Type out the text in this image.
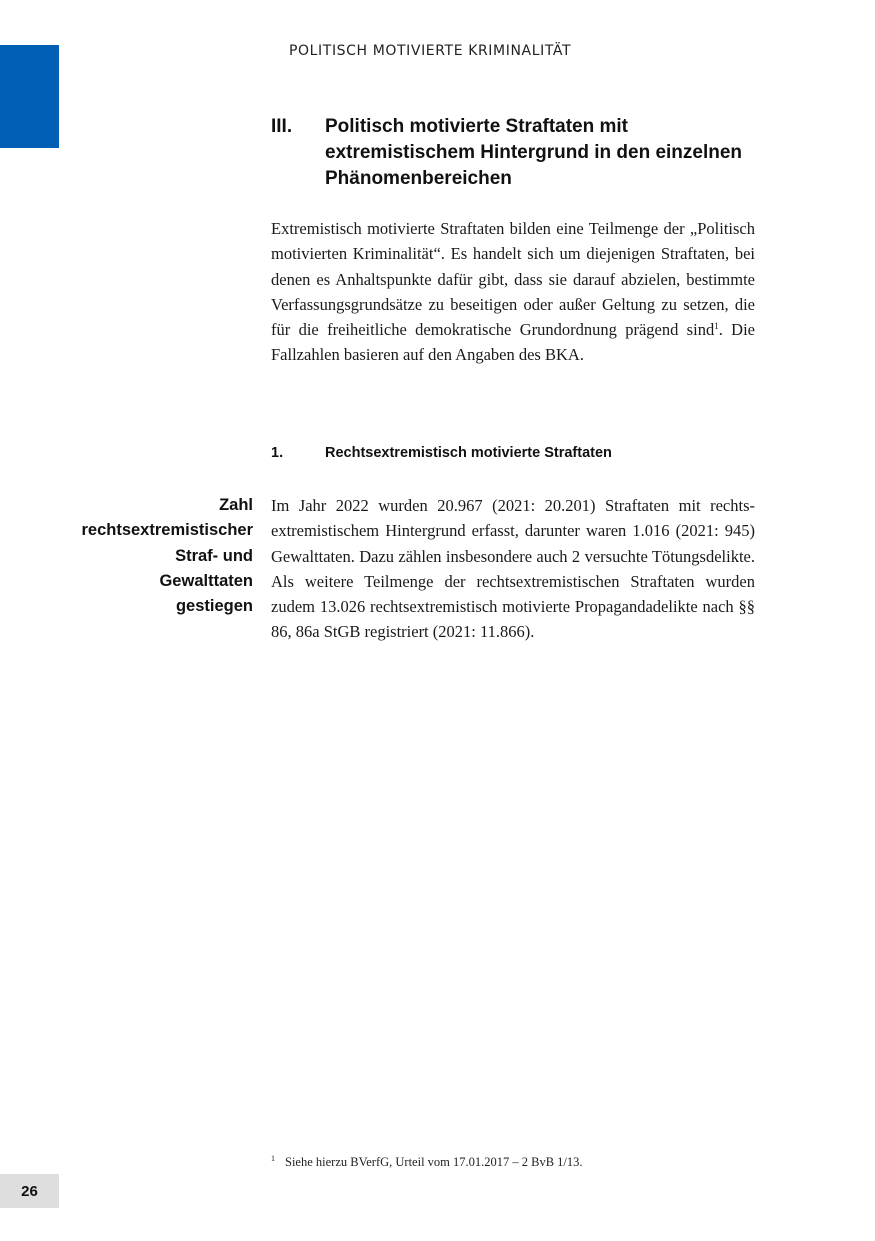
POLITISCH MOTIVIERTE KRIMINALITÄT
III. Politisch motivierte Straftaten mit extremistischem Hintergrund in den einzelnen Phänomenbereichen
Extremistisch motivierte Straftaten bilden eine Teilmenge der „Politisch motivierten Kriminalität“. Es handelt sich um diejenigen Straftaten, bei denen es Anhaltspunkte dafür gibt, dass sie darauf abzielen, bestimmte Verfassungsgrundsätze zu beseitigen oder außer Geltung zu setzen, die für die freiheitliche demokratische Grundordnung prägend sind$^1$. Die Fallzahlen basieren auf den Angaben des BKA.
1.	Rechtsextremistisch motivierte Straftaten
Zahl
rechtsextremistischer
Straf- und
Gewalttaten
gestiegen
Im Jahr 2022 wurden 20.967 (2021: 20.201) Straftaten mit rechtsextremistischem Hintergrund erfasst, darunter waren 1.016 (2021: 945) Gewalttaten. Dazu zählen insbesondere auch 2 versuchte Tötungsdelikte. Als weitere Teilmenge der rechtsextremistischen Straftaten wurden zudem 13.026 rechtsextremistisch motivierte Propagandadelikte nach §§ 86, 86a StGB registriert (2021: 11.866).
$^1$ Siehe hierzu BVerfG, Urteil vom 17.01.2017 – 2 BvB 1/13.
26
